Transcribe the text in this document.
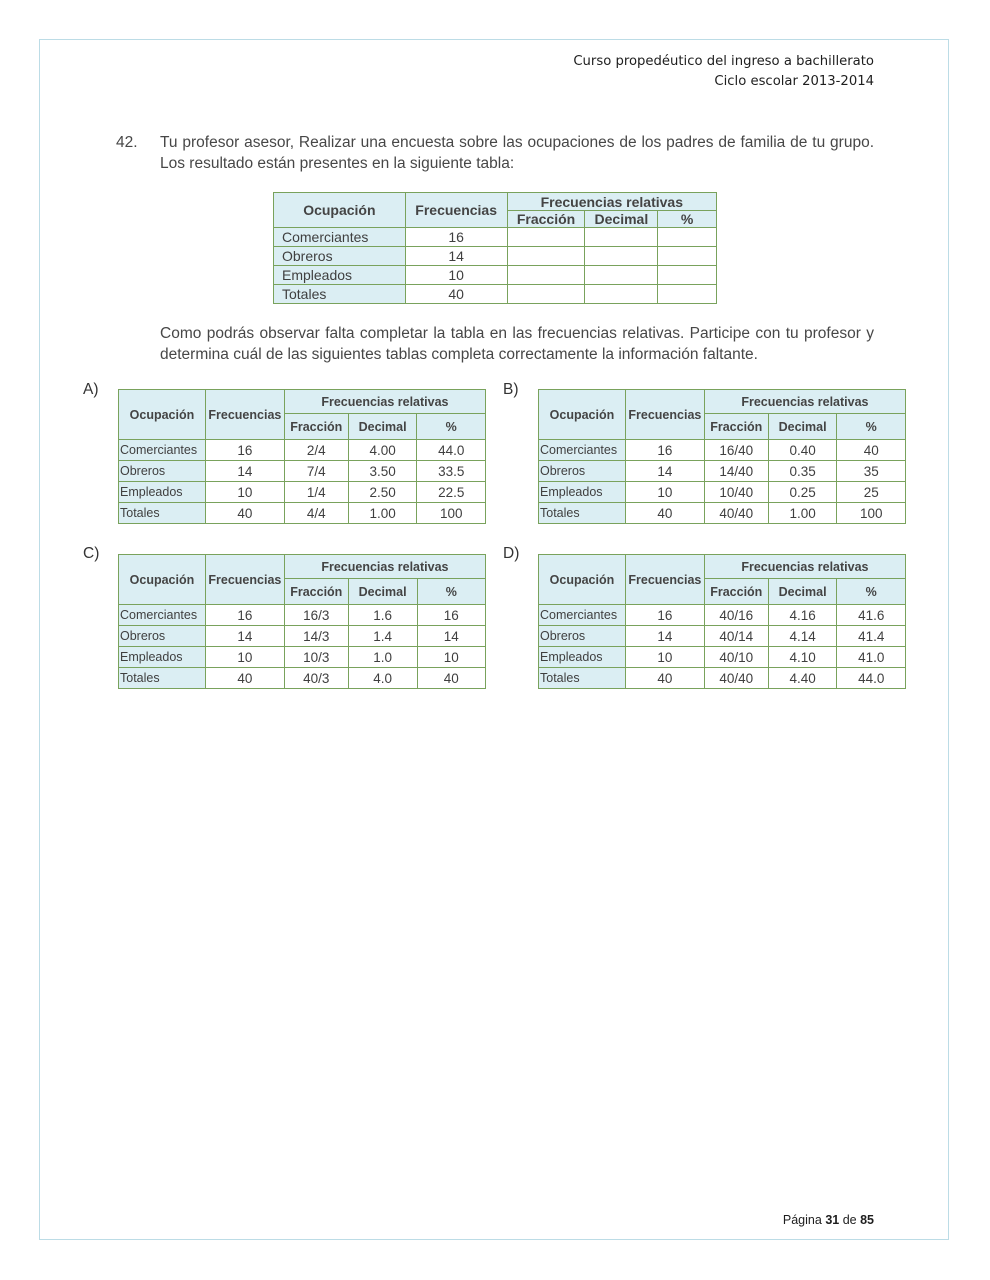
Curso propedéutico del ingreso a bachillerato
Ciclo escolar 2013-2014
42. Tu profesor asesor, Realizar una encuesta sobre las ocupaciones de los padres de familia de tu grupo. Los resultado están presentes en la siguiente tabla:
Ocupación	Frecuencias	Frecuencias relativas		
		Fracción	Decimal	%
Comerciantes	16			
Obreros	14			
Empleados	10			
Totales	40			
Como podrás observar falta completar la tabla en las frecuencias relativas. Participe con tu profesor y determina cuál de las siguientes tablas completa correctamente la información faltante.
A)	B)
C)	D)
Ocupación	Frecuencias	Frecuencias relativas		
		Fracción	Decimal	%
Comerciantes	16	2/4	4.00	44.0
Obreros	14	7/4	3.50	33.5
Empleados	10	1/4	2.50	22.5
Totales	40	4/4	1.00	100
Ocupación	Frecuencias	Frecuencias relativas		
		Fracción	Decimal	%
Comerciantes	16	16/40	0.40	40
Obreros	14	14/40	0.35	35
Empleados	10	10/40	0.25	25
Totales	40	40/40	1.00	100
Ocupación	Frecuencias	Frecuencias relativas		
		Fracción	Decimal	%
Comerciantes	16	16/3	1.6	16
Obreros	14	14/3	1.4	14
Empleados	10	10/3	1.0	10
Totales	40	40/3	4.0	40
Ocupación	Frecuencias	Frecuencias relativas		
		Fracción	Decimal	%
Comerciantes	16	40/16	4.16	41.6
Obreros	14	40/14	4.14	41.4
Empleados	10	40/10	4.10	41.0
Totales	40	40/40	4.40	44.0
Página 31 de 85
